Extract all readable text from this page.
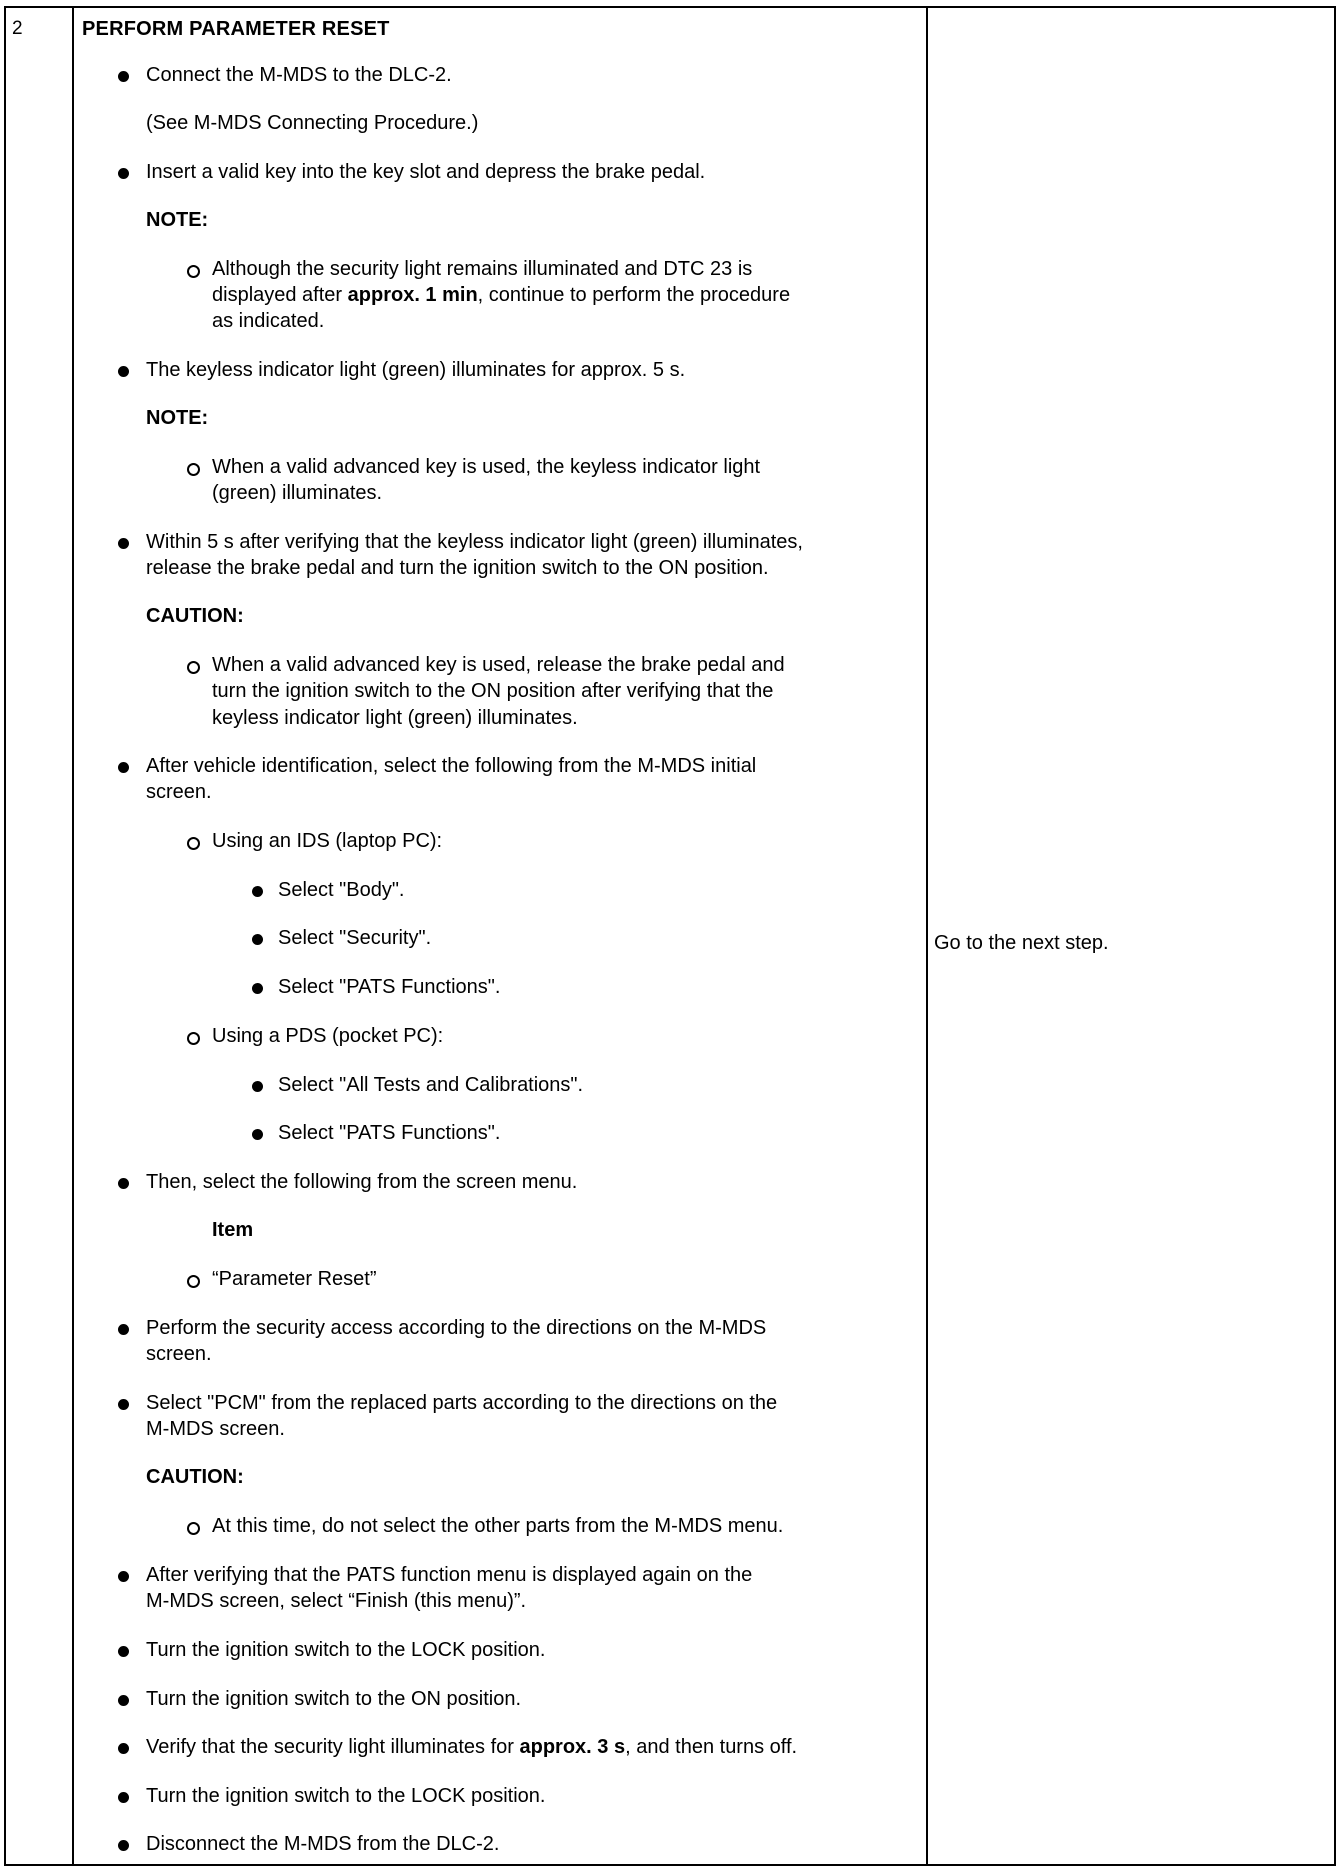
2	PERFORM PARAMETER RESET
Go to the next step.
Connect the M-MDS to the DLC-2.
(See M-MDS Connecting Procedure.)
Insert a valid key into the key slot and depress the brake pedal.
NOTE:
Although the security light remains illuminated and DTC 23 is
displayed after approx. 1 min, continue to perform the procedure
as indicated.
The keyless indicator light (green) illuminates for approx. 5 s.
NOTE:
When a valid advanced key is used, the keyless indicator light
(green) illuminates.
Within 5 s after verifying that the keyless indicator light (green) illuminates,
release the brake pedal and turn the ignition switch to the ON position.
CAUTION:
When a valid advanced key is used, release the brake pedal and
turn the ignition switch to the ON position after verifying that the
keyless indicator light (green) illuminates.
After vehicle identification, select the following from the M-MDS initial
screen.
Using an IDS (laptop PC):
Select "Body".
Select "Security".
Select "PATS Functions".
Using a PDS (pocket PC):
Select "All Tests and Calibrations".
Select "PATS Functions".
Then, select the following from the screen menu.
Item
“Parameter Reset”
Perform the security access according to the directions on the M-MDS
screen.
Select "PCM" from the replaced parts according to the directions on the
M-MDS screen.
CAUTION:
At this time, do not select the other parts from the M-MDS menu.
After verifying that the PATS function menu is displayed again on the
M-MDS screen, select “Finish (this menu)”.
Turn the ignition switch to the LOCK position.
Turn the ignition switch to the ON position.
Verify that the security light illuminates for approx. 3 s, and then turns off.
Turn the ignition switch to the LOCK position.
Disconnect the M-MDS from the DLC-2.
